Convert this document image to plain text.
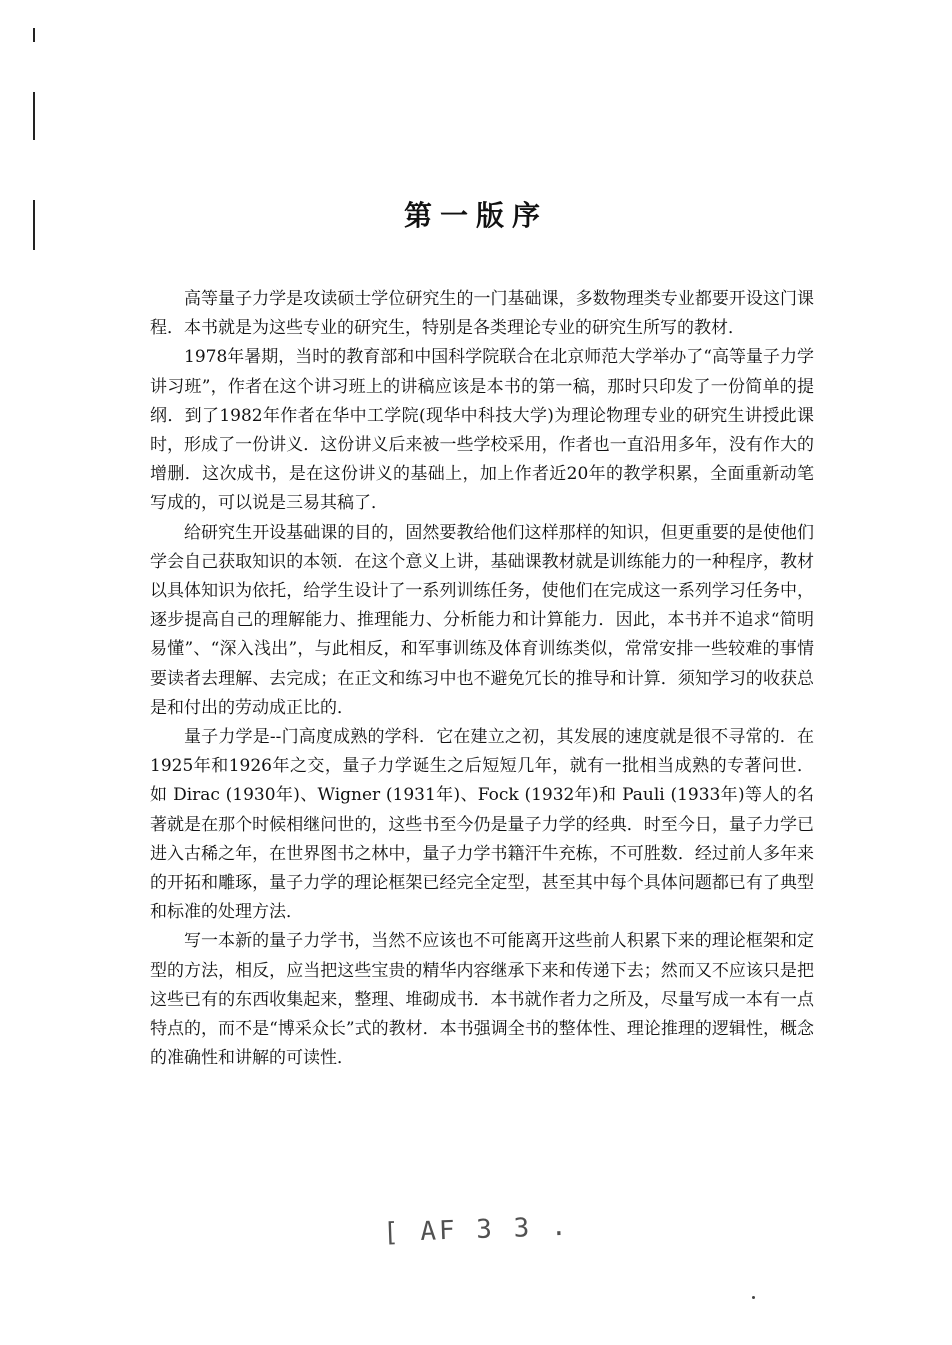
第一版序

高等量子力学是攻读硕士学位研究生的一门基础课，多数物理类专业都要开设这门课程．本书就是为这些专业的研究生，特别是各类理论专业的研究生所写的教材．

1978年暑期，当时的教育部和中国科学院联合在北京师范大学举办了“高等量子力学讲习班”，作者在这个讲习班上的讲稿应该是本书的第一稿，那时只印发了一份简单的提纲．到了1982年作者在华中工学院(现华中科技大学)为理论物理专业的研究生讲授此课时，形成了一份讲义．这份讲义后来被一些学校采用，作者也一直沿用多年，没有作大的增删．这次成书，是在这份讲义的基础上，加上作者近20年的教学积累，全面重新动笔写成的，可以说是三易其稿了．

给研究生开设基础课的目的，固然要教给他们这样那样的知识，但更重要的是使他们学会自己获取知识的本领．在这个意义上讲，基础课教材就是训练能力的一种程序，教材以具体知识为依托，给学生设计了一系列训练任务，使他们在完成这一系列学习任务中，逐步提高自己的理解能力、推理能力、分析能力和计算能力．因此，本书并不追求“简明易懂”、“深入浅出”，与此相反，和军事训练及体育训练类似，常常安排一些较难的事情要读者去理解、去完成；在正文和练习中也不避免冗长的推导和计算．须知学习的收获总是和付出的劳动成正比的．

量子力学是--门高度成熟的学科．它在建立之初，其发展的速度就是很不寻常的．在1925年和1926年之交，量子力学诞生之后短短几年，就有一批相当成熟的专著问世．如 Dirac (1930年)、Wigner (1931年)、Fock (1932年)和 Pauli (1933年)等人的名著就是在那个时候相继问世的，这些书至今仍是量子力学的经典．时至今日，量子力学已进入古稀之年，在世界图书之林中，量子力学书籍汗牛充栋，不可胜数．经过前人多年来的开拓和雕琢，量子力学的理论框架已经完全定型，甚至其中每个具体问题都已有了典型和标准的处理方法．

写一本新的量子力学书，当然不应该也不可能离开这些前人积累下来的理论框架和定型的方法，相反，应当把这些宝贵的精华内容继承下来和传递下去；然而又不应该只是把这些已有的东西收集起来，整理、堆砌成书．本书就作者力之所及，尽量写成一本有一点特点的，而不是“博采众长”式的教材．本书强调全书的整体性、理论推理的逻辑性，概念的准确性和讲解的可读性．

[ AF 3 3 .
